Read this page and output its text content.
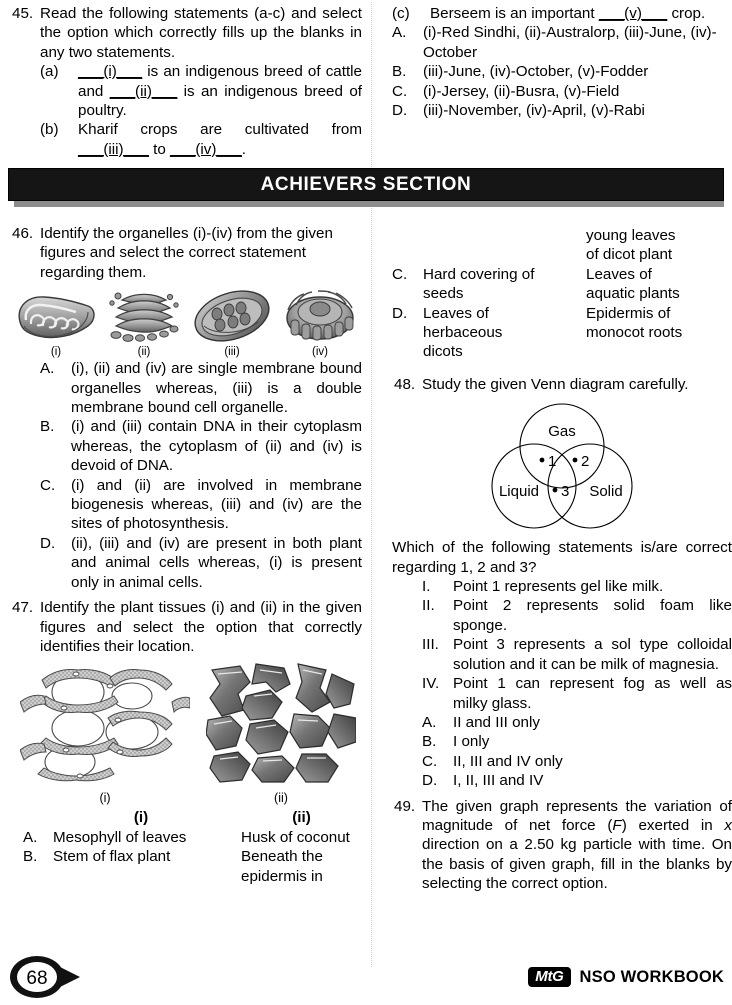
45. Read the following statements (a-c) and select the option which correctly fills up the blanks in any two statements.
(a)	___(i)___ is an indigenous breed of cattle and ___(ii)___ is an indigenous breed of poultry.
(b)	Kharif crops are cultivated from ___(iii)___ to ___(iv)___.
(c)	Berseem is an important ___(v)___ crop.
A.	(i)-Red Sindhi, (ii)-Australorp, (iii)-June, (iv)-October
B.	(iii)-June, (iv)-October, (v)-Fodder
C.	(i)-Jersey, (ii)-Busra, (v)-Field
D.	(iii)-November, (iv)-April, (v)-Rabi
ACHIEVERS SECTION
46. Identify the organelles (i)-(iv) from the given figures and select the correct statement regarding them.
(i)	(ii)	(iii)	(iv)
A.	(i), (ii) and (iv) are single membrane bound organelles whereas, (iii) is a double membrane bound cell organelle.
B.	(i) and (iii) contain DNA in their cytoplasm whereas, the cytoplasm of (ii) and (iv) is devoid of DNA.
C.	(i) and (ii) are involved in membrane biogenesis whereas, (iii) and (iv) are the sites of photosynthesis.
D.	(ii), (iii) and (iv) are present in both plant and animal cells whereas, (i) is present only in animal cells.
47. Identify the plant tissues (i) and (ii) in the given figures and select the option that correctly identifies their location.
(i)	(ii)
(i)	(ii)
A.	Mesophyll of leaves	Husk of coconut
B.	Stem of flax plant	Beneath the
epidermis in
young leaves
of dicot plant
C.	Hard covering of	Leaves of
seeds	aquatic plants
D.	Leaves of	Epidermis of
herbaceous	monocot roots
dicots
48. Study the given Venn diagram carefully.
Gas
Liquid	Solid
1 2
3
Which of the following statements is/are correct regarding 1, 2 and 3?
I.	Point 1 represents gel like milk.
II.	Point 2 represents solid foam like sponge.
III. Point 3 represents a sol type colloidal solution and it can be milk of magnesia.
IV. Point 1 can represent fog as well as milky glass.
A.	II and III only
B.	I only
C.	II, III and IV only
D.	I, II, III and IV
49. The given graph represents the variation of magnitude of net force (F) exerted in x direction on a 2.50 kg particle with time. On the basis of given graph, fill in the blanks by selecting the correct option.
68	MtG NSO WORKBOOK
